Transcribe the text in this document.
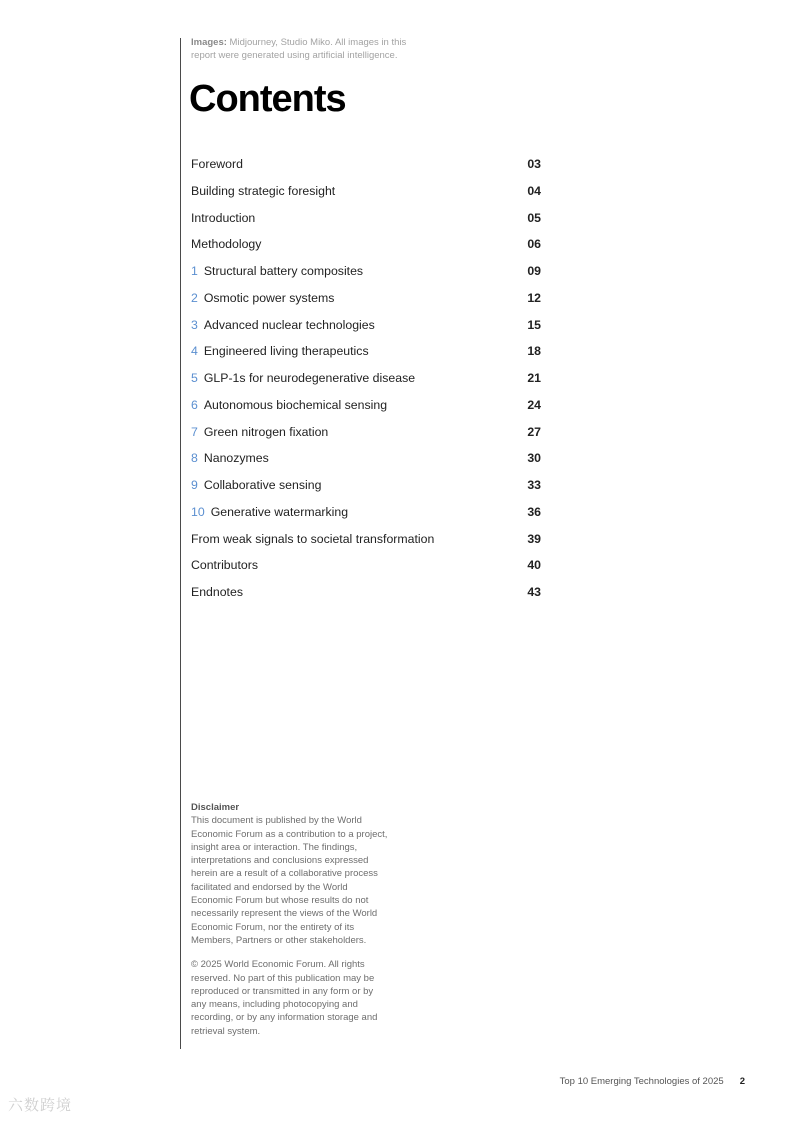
Images: Midjourney, Studio Miko. All images in this report were generated using artificial intelligence.
Contents
Foreword	03
Building strategic foresight	04
Introduction	05
Methodology	06
1 Structural battery composites	09
2 Osmotic power systems	12
3 Advanced nuclear technologies	15
4 Engineered living therapeutics	18
5 GLP-1s for neurodegenerative disease	21
6 Autonomous biochemical sensing	24
7 Green nitrogen fixation	27
8 Nanozymes	30
9 Collaborative sensing	33
10 Generative watermarking	36
From weak signals to societal transformation	39
Contributors	40
Endnotes	43

Disclaimer
This document is published by the World Economic Forum as a contribution to a project, insight area or interaction. The findings, interpretations and conclusions expressed herein are a result of a collaborative process facilitated and endorsed by the World Economic Forum but whose results do not necessarily represent the views of the World Economic Forum, nor the entirety of its Members, Partners or other stakeholders.

© 2025 World Economic Forum. All rights reserved. No part of this publication may be reproduced or transmitted in any form or by any means, including photocopying and recording, or by any information storage and retrieval system.

Top 10 Emerging Technologies of 2025 2
六数跨境
